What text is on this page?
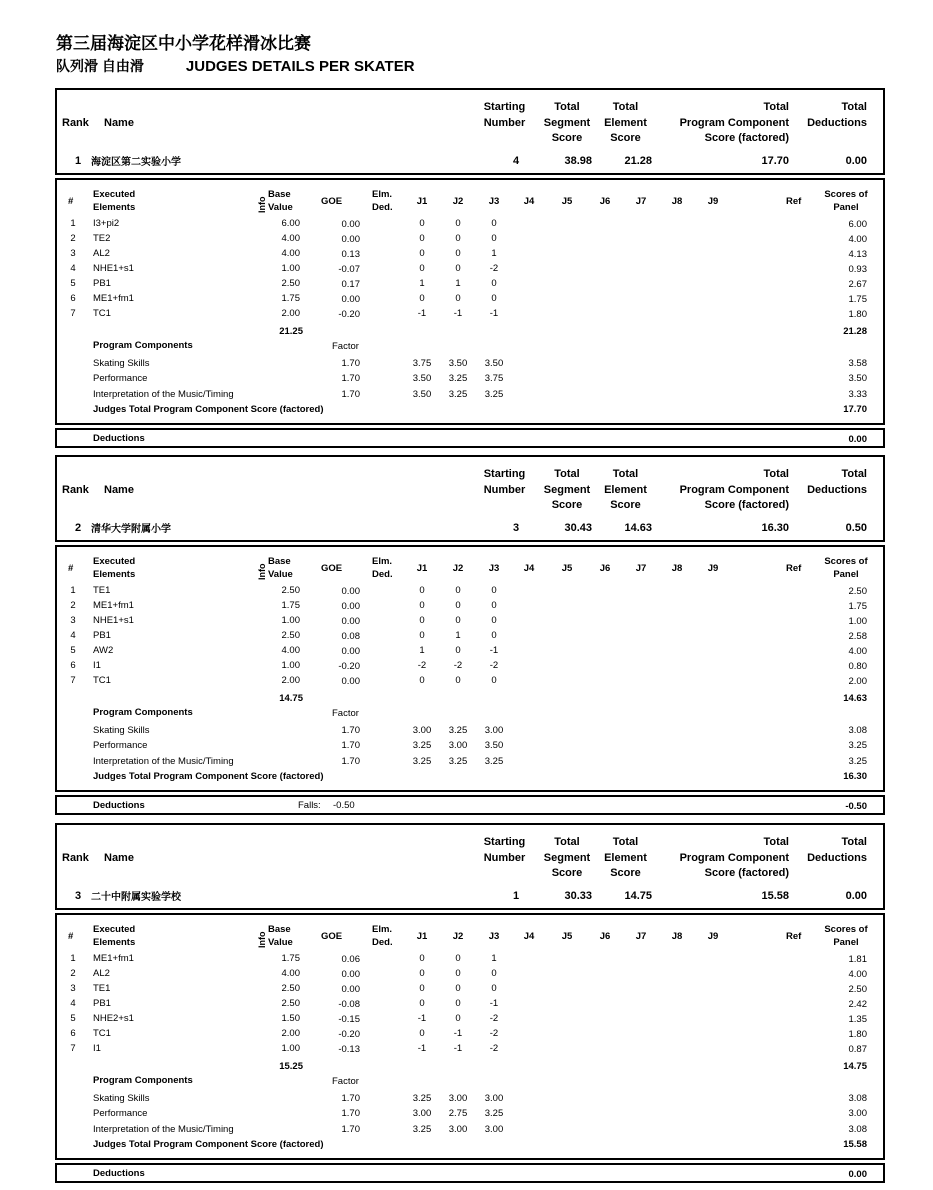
第三届海淀区中小学花样滑冰比赛
队列滑 自由滑	JUDGES DETAILS PER SKATER
Rank Name
Starting
Number
Total
Segment
Score
Total
Element
Score
Total
Program Component
Score (factored)
Total
Deductions
1 海淀区第二实验小学	4	38.98	21.28	17.70	0.00
#
Executed
Elements	Info
Base
Value
GOE
Elm.
Ded.
J1	J2	J3	J4	J5	J6	J7	J8	J9	Ref
Scores of
Panel
1	I3+pi2	6.00	0.00	0	0	0	6.00
2	TE2	4.00	0.00	0	0	0	4.00
3	AL2	4.00	0.13	0	0	1	4.13
4	NHE1+s1	1.00	-0.07	0	0	-2	0.93
5	PB1	2.50	0.17	1	1	0	2.67
6	ME1+fm1	1.75	0.00	0	0	0	1.75
7	TC1	2.00	-0.20	-1	-1	-1	1.80
21.25	21.28
Program Components	Factor
Skating Skills	1.70	3.75	3.50	3.50	3.58
Performance	1.70	3.50	3.25	3.75	3.50
Interpretation of the Music/Timing	1.70	3.50	3.25	3.25	3.33
Judges Total Program Component Score (factored)	17.70
Deductions	0.00
Rank Name
Starting
Number
Total
Segment
Score
Total
Element
Score
Total
Program Component
Score (factored)
Total
Deductions
2 清华大学附属小学	3	30.43	14.63	16.30	0.50
#
Executed
Elements	Info
Base
Value
GOE
Elm.
Ded.
J1	J2	J3	J4	J5	J6	J7	J8	J9	Ref
Scores of
Panel
1	TE1	2.50	0.00	0	0	0	2.50
2	ME1+fm1	1.75	0.00	0	0	0	1.75
3	NHE1+s1	1.00	0.00	0	0	0	1.00
4	PB1	2.50	0.08	0	1	0	2.58
5	AW2	4.00	0.00	1	0	-1	4.00
6	I1	1.00	-0.20	-2	-2	-2	0.80
7	TC1	2.00	0.00	0	0	0	2.00
14.75	14.63
Program Components	Factor
Skating Skills	1.70	3.00	3.25	3.00	3.08
Performance	1.70	3.25	3.00	3.50	3.25
Interpretation of the Music/Timing	1.70	3.25	3.25	3.25	3.25
Judges Total Program Component Score (factored)	16.30
Deductions	Falls: -0.50	-0.50
Rank Name
Starting
Number
Total
Segment
Score
Total
Element
Score
Total
Program Component
Score (factored)
Total
Deductions
3 二十中附属实验学校	1	30.33	14.75	15.58	0.00
#
Executed
Elements	Info
Base
Value
GOE
Elm.
Ded.
J1	J2	J3	J4	J5	J6	J7	J8	J9	Ref
Scores of
Panel
1	ME1+fm1	1.75	0.06	0	0	1	1.81
2	AL2	4.00	0.00	0	0	0	4.00
3	TE1	2.50	0.00	0	0	0	2.50
4	PB1	2.50	-0.08	0	0	-1	2.42
5	NHE2+s1	1.50	-0.15	-1	0	-2	1.35
6	TC1	2.00	-0.20	0	-1	-2	1.80
7	I1	1.00	-0.13	-1	-1	-2	0.87
15.25	14.75
Program Components	Factor
Skating Skills	1.70	3.25	3.00	3.00	3.08
Performance	1.70	3.00	2.75	3.25	3.00
Interpretation of the Music/Timing	1.70	3.25	3.00	3.00	3.08
Judges Total Program Component Score (factored)	15.58
Deductions	0.00
